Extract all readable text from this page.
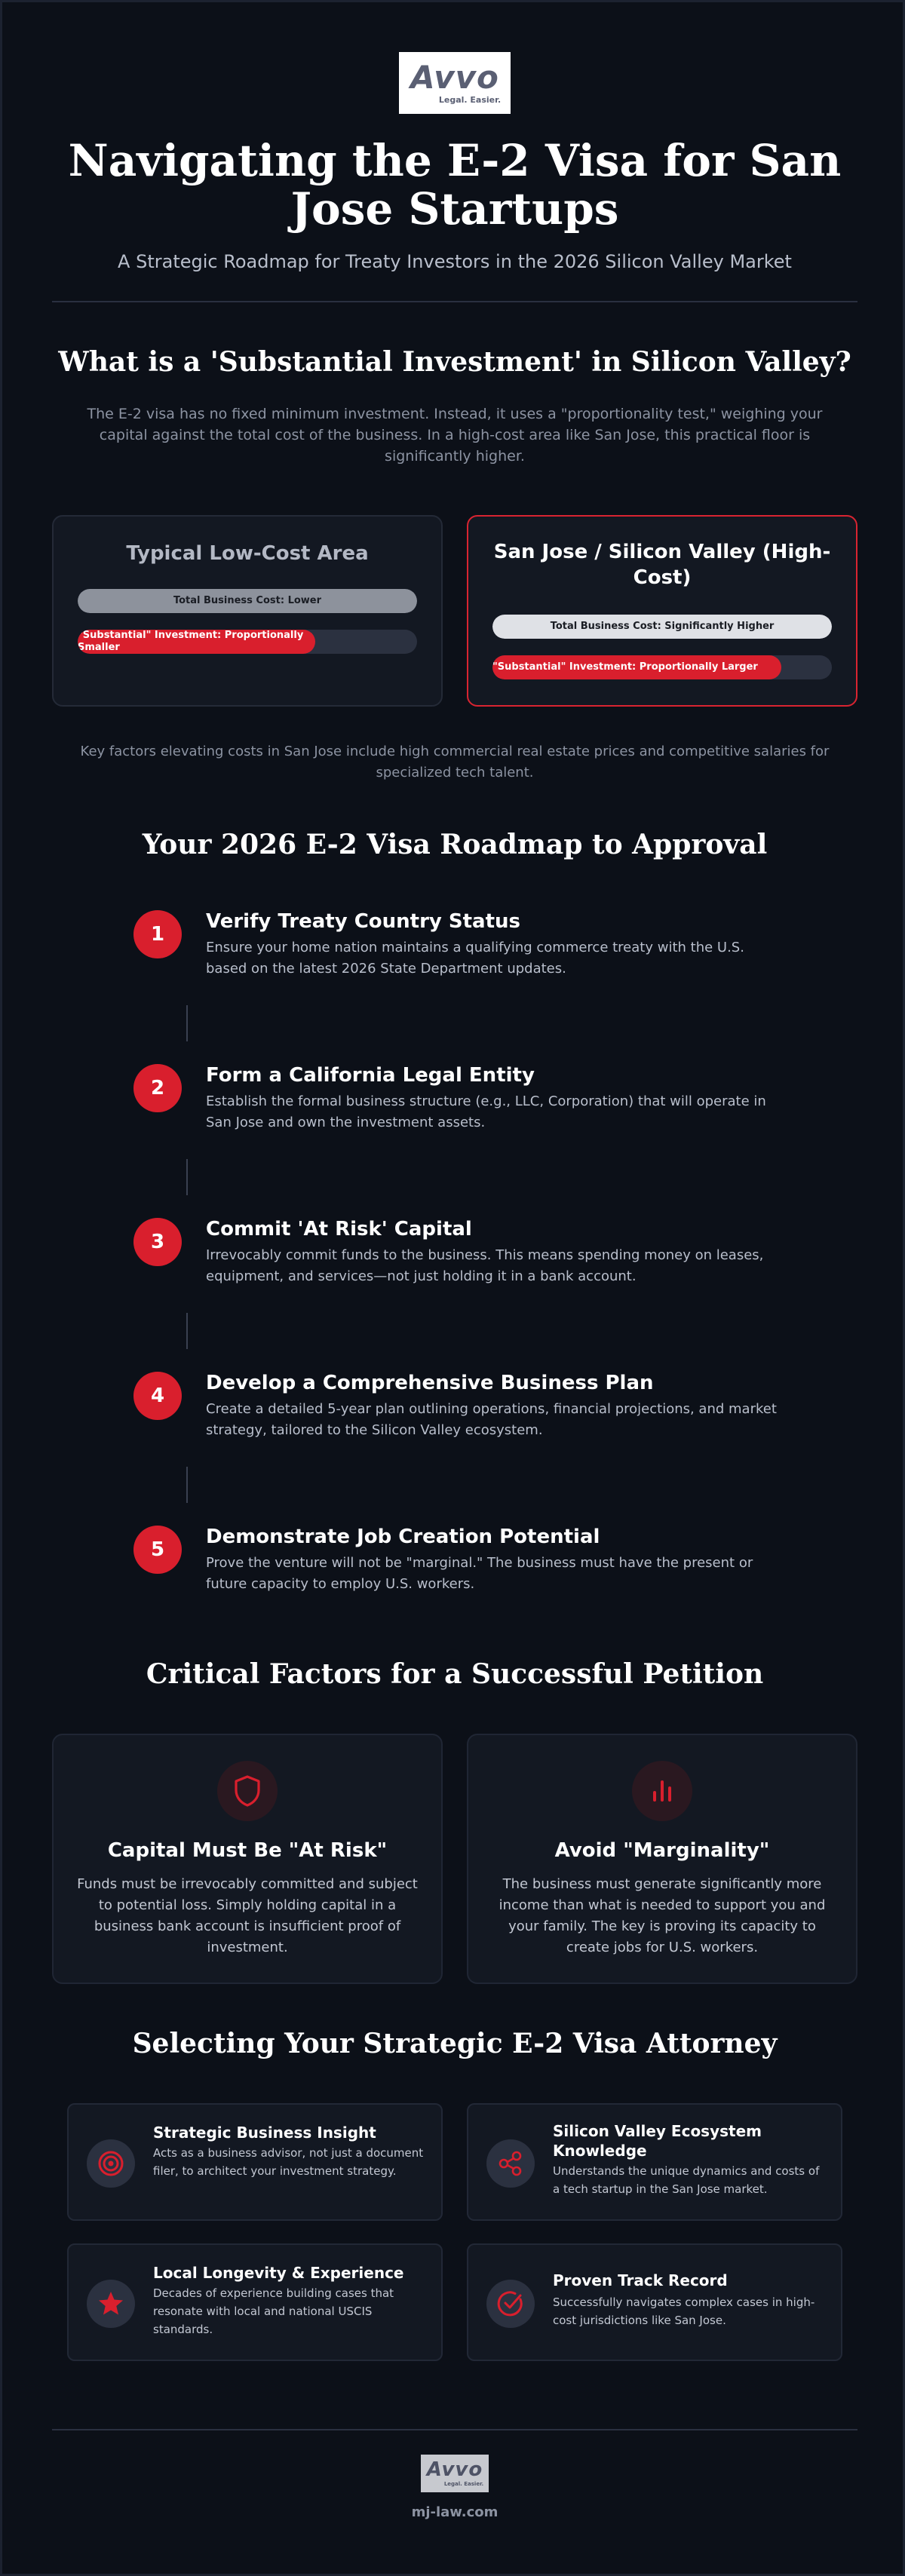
Avvo
Legal. Easier.
Navigating the E-2 Visa for San Jose Startups

A Strategic Roadmap for Treaty Investors in the 2026 Silicon Valley Market

What is a 'Substantial Investment' in Silicon Valley?

The E-2 visa has no fixed minimum investment. Instead, it uses a "proportionality test," weighing your capital against the total cost of the business. In a high-cost area like San Jose, this practical floor is significantly higher.

Typical Low-Cost Area
Total Business Cost: Lower
"Substantial" Investment: Proportionally Smaller
San Jose / Silicon Valley (High-Cost)
Total Business Cost: Significantly Higher
"Substantial" Investment: Proportionally Larger

Key factors elevating costs in San Jose include high commercial real estate prices and competitive salaries for specialized tech talent.

Your 2026 E-2 Visa Roadmap to Approval
1
Verify Treaty Country Status
Ensure your home nation maintains a qualifying commerce treaty with the U.S. based on the latest 2026 State Department updates.
2
Form a California Legal Entity
Establish the formal business structure (e.g., LLC, Corporation) that will operate in San Jose and own the investment assets.
3
Commit 'At Risk' Capital
Irrevocably commit funds to the business. This means spending money on leases, equipment, and services—not just holding it in a bank account.
4
Develop a Comprehensive Business Plan
Create a detailed 5-year plan outlining operations, financial projections, and market strategy, tailored to the Silicon Valley ecosystem.
5
Demonstrate Job Creation Potential
Prove the venture will not be "marginal." The business must have the present or future capacity to employ U.S. workers.
Critical Factors for a Successful Petition
Capital Must Be "At Risk"
Funds must be irrevocably committed and subject to potential loss. Simply holding capital in a business bank account is insufficient proof of investment.
Avoid "Marginality"
The business must generate significantly more income than what is needed to support you and your family. The key is proving its capacity to create jobs for U.S. workers.
Selecting Your Strategic E-2 Visa Attorney
Strategic Business Insight
Acts as a business advisor, not just a document filer, to architect your investment strategy.
Silicon Valley Ecosystem Knowledge
Understands the unique dynamics and costs of a tech startup in the San Jose market.
Local Longevity & Experience
Decades of experience building cases that resonate with local and national USCIS standards.
Proven Track Record
Successfully navigates complex cases in high-cost jurisdictions like San Jose.
Avvo
Legal. Easier.
mj-law.com
